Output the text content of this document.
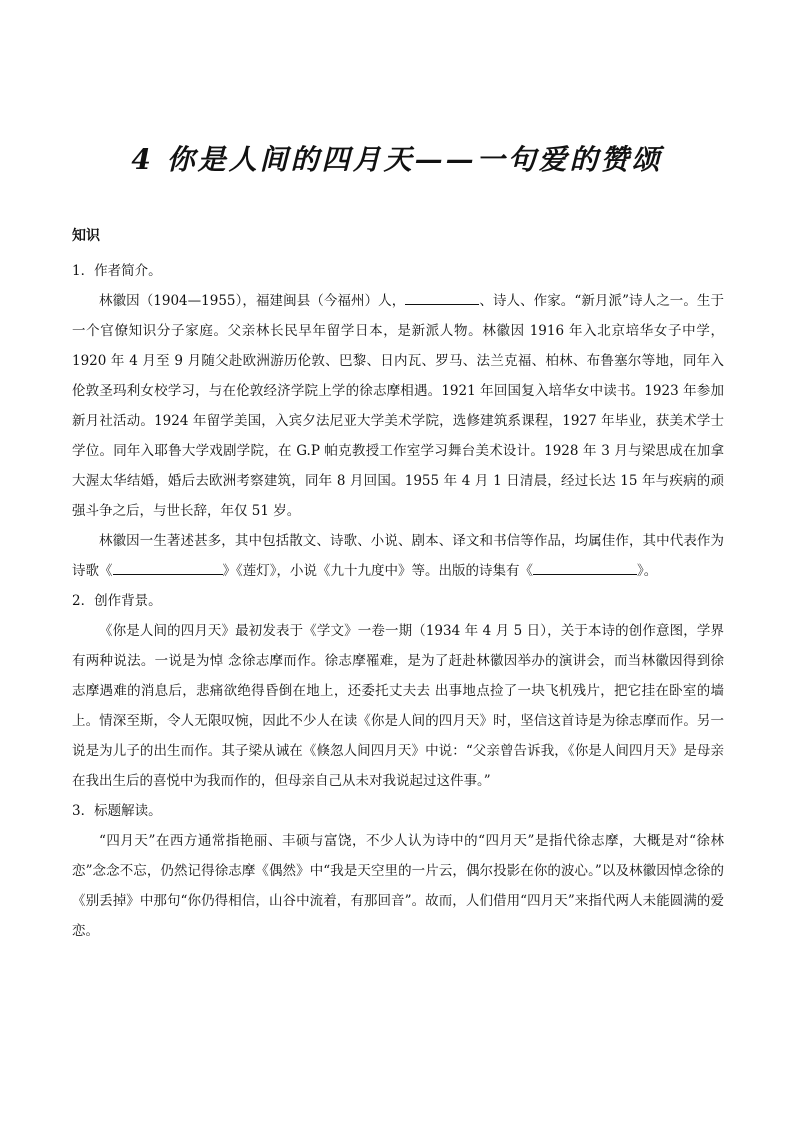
4 你是人间的四月天——一句爱的赞颂
知识

1．作者简介。

林徽因（1904—1955），福建闽县（今福州）人，	、诗人、作家。“新月派”诗人之一。生于一个官僚知识分子家庭。父亲林长民早年留学日本，是新派人物。林徽因 1916 年入北京培华女子中学，1920 年 4 月至 9 月随父赴欧洲游历伦敦、巴黎、日内瓦、罗马、法兰克福、柏林、布鲁塞尔等地，同年入伦敦圣玛利女校学习，与在伦敦经济学院上学的徐志摩相遇。1921 年回国复入培华女中读书。1923 年参加新月社活动。1924 年留学美国，入宾夕法尼亚大学美术学院，选修建筑系课程，1927 年毕业，获美术学士学位。同年入耶鲁大学戏剧学院，在 G.P 帕克教授工作室学习舞台美术设计。1928 年 3 月与梁思成在加拿大渥太华结婚，婚后去欧洲考察建筑，同年 8 月回国。1955 年 4 月 1 日清晨，经过长达 15 年与疾病的顽强斗争之后，与世长辞，年仅 51 岁。

林徽因一生著述甚多，其中包括散文、诗歌、小说、剧本、译文和书信等作品，均属佳作，其中代表作为诗歌《	》《莲灯》，小说《九十九度中》等。出版的诗集有《	》。

2．创作背景。

《你是人间的四月天》最初发表于《学文》一卷一期（1934 年 4 月 5 日），关于本诗的创作意图，学界有两种说法。一说是为悼 念徐志摩而作。徐志摩罹难，是为了赶赴林徽因举办的演讲会，而当林徽因得到徐志摩遇难的消息后，悲痛欲绝得昏倒在地上，还委托丈夫去 出事地点捡了一块飞机残片，把它挂在卧室的墙上。情深至斯，令人无限叹惋，因此不少人在读《你是人间的四月天》时，坚信这首诗是为徐志摩而作。另一说是为儿子的出生而作。其子梁从诫在《倏忽人间四月天》中说：“父亲曾告诉我，《你是人间四月天》是母亲在我出生后的喜悦中为我而作的，但母亲自己从未对我说起过这件事。”

3．标题解读。

“四月天”在西方通常指艳丽、丰硕与富饶，不少人认为诗中的“四月天”是指代徐志摩，大概是对“徐林恋”念念不忘，仍然记得徐志摩《偶然》中“我是天空里的一片云，偶尔投影在你的波心。”以及林徽因悼念徐的《别丢掉》中那句“你仍得相信，山谷中流着，有那回音”。故而，人们借用“四月天”来指代两人未能圆满的爱恋。
